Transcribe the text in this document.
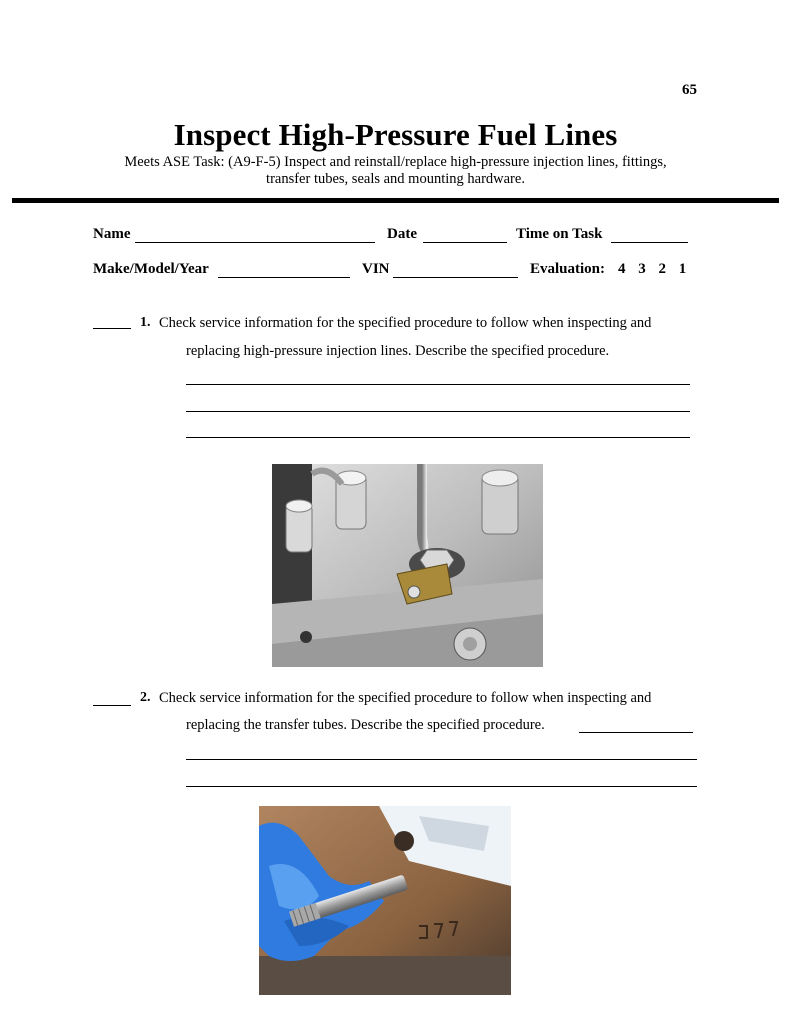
65
Inspect High-Pressure Fuel Lines
Meets ASE Task: (A9-F-5) Inspect and reinstall/replace high-pressure injection lines, fittings,
transfer tubes, seals and mounting hardware.
Name	Date	Time on Task
Make/Model/Year	VIN	Evaluation: 4 3 2 1
1. Check service information for the specified procedure to follow when inspecting and
replacing high-pressure injection lines. Describe the specified procedure.
2. Check service information for the specified procedure to follow when inspecting and
replacing the transfer tubes. Describe the specified procedure.
